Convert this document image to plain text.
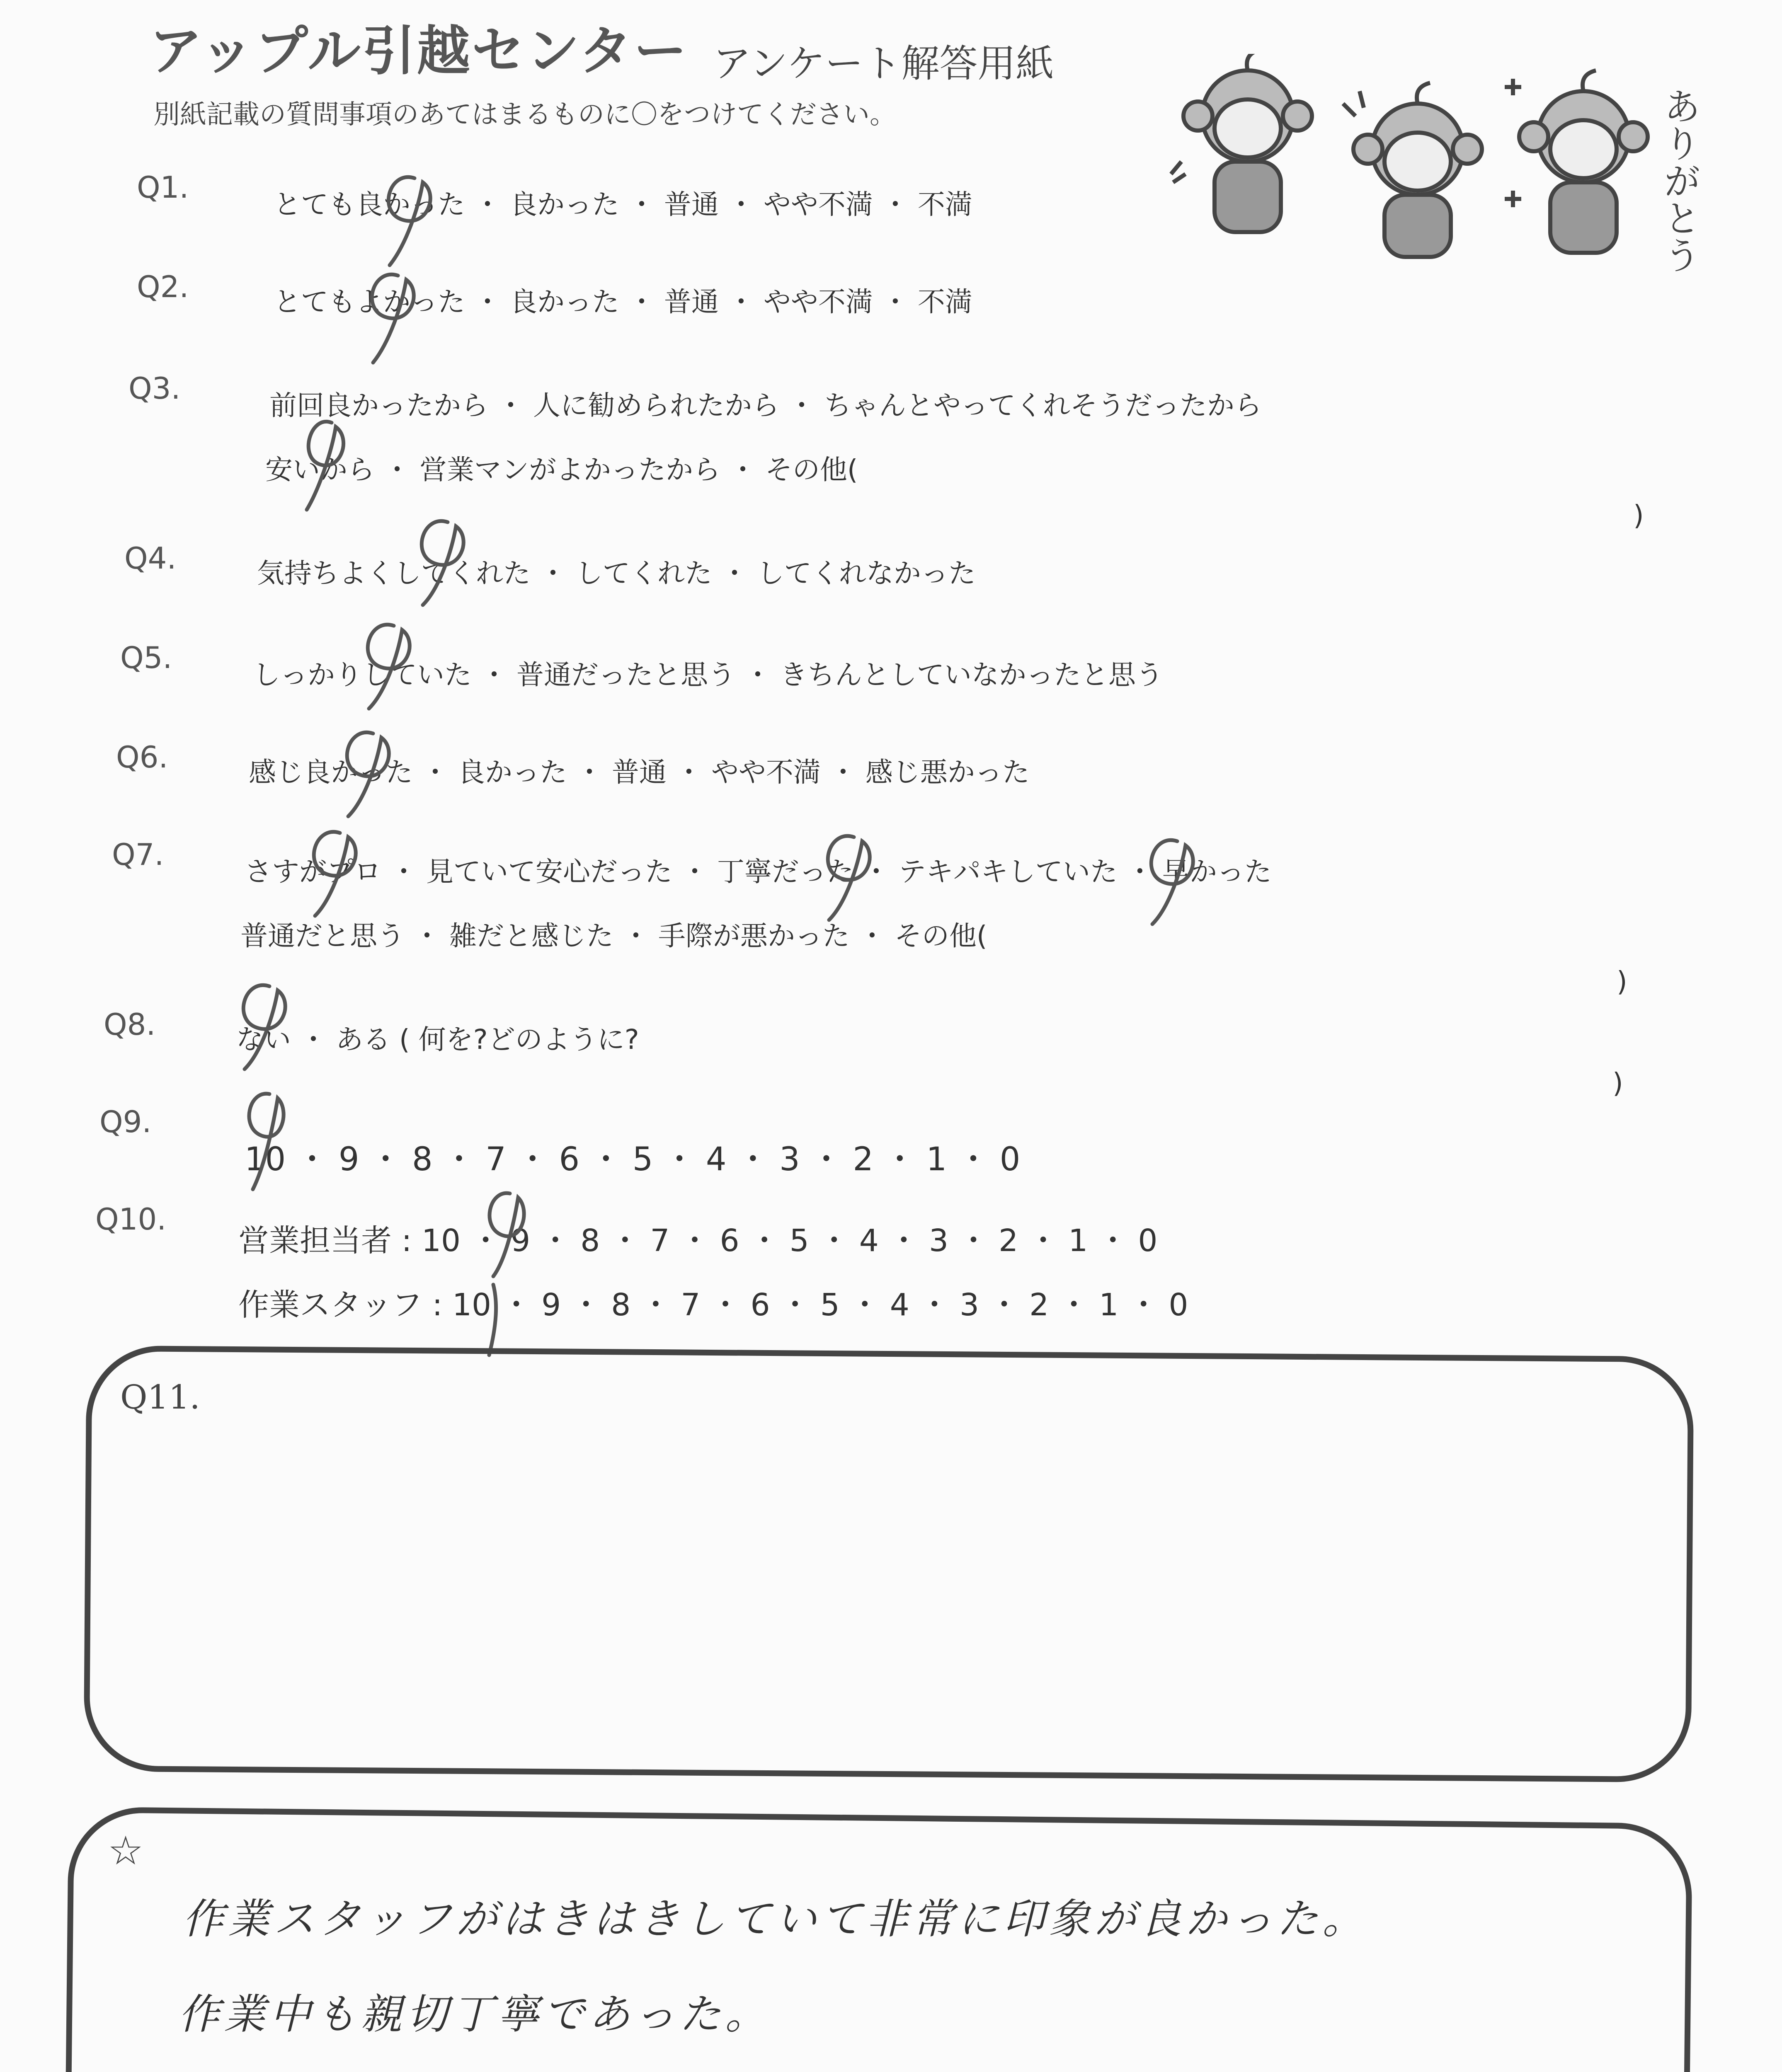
アップル引越センター アンケート解答用紙
別紙記載の質問事項のあてはまるものに〇をつけてください。	ありがとう
Q1.	とても良かった ・ 良かった ・ 普通 ・ やや不満 ・ 不満
Q2.	とてもよかった ・ 良かった ・ 普通 ・ やや不満 ・ 不満
Q3.	前回良かったから ・ 人に勧められたから ・ ちゃんとやってくれそうだったから
安いから ・ 営業マンがよかったから ・ その他(
)
Q4.	気持ちよくしてくれた ・ してくれた ・ してくれなかった
Q5.	しっかりしていた ・ 普通だったと思う ・ きちんとしていなかったと思う
Q6.	感じ良かった ・ 良かった ・ 普通 ・ やや不満 ・ 感じ悪かった
Q7.	さすがプロ ・ 見ていて安心だった ・ 丁寧だった ・ テキパキしていた ・ 早かった
普通だと思う ・ 雑だと感じた ・ 手際が悪かった ・ その他(
)
Q8.	ない ・ ある ( 何を?どのように?
)
Q9.
10 ・ 9 ・ 8 ・ 7 ・ 6 ・ 5 ・ 4 ・ 3 ・ 2 ・ 1 ・ 0
Q10.
営業担当者 : 10 ・ 9 ・ 8 ・ 7 ・ 6 ・ 5 ・ 4 ・ 3 ・ 2 ・ 1 ・ 0
作業スタッフ : 10 ・ 9 ・ 8 ・ 7 ・ 6 ・ 5 ・ 4 ・ 3 ・ 2 ・ 1 ・ 0
Q11.
☆
作業スタッフがはきはきしていて非常に印象が良かった。
作業中も親切丁寧であった。
